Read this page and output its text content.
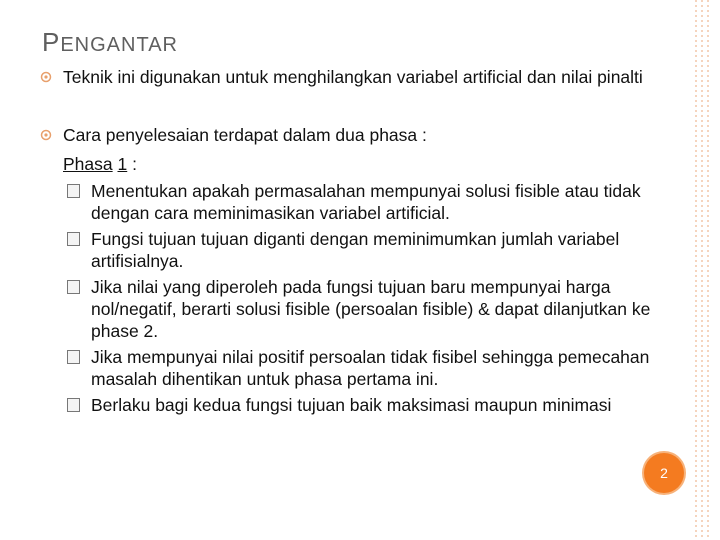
PENGANTAR
Teknik ini digunakan untuk menghilangkan variabel artificial dan nilai pinalti
Cara penyelesaian terdapat dalam dua phasa :
Phasa 1 :
Menentukan apakah permasalahan mempunyai solusi fisible atau tidak dengan cara meminimasikan variabel artificial.
Fungsi tujuan tujuan diganti dengan meminimumkan jumlah variabel artifisialnya.
Jika nilai yang diperoleh pada fungsi tujuan baru mempunyai harga nol/negatif, berarti solusi fisible (persoalan fisible) & dapat dilanjutkan ke phase 2.
Jika mempunyai nilai positif persoalan tidak fisibel sehingga pemecahan masalah dihentikan untuk phasa pertama ini.
Berlaku bagi kedua fungsi tujuan baik maksimasi maupun minimasi
2
